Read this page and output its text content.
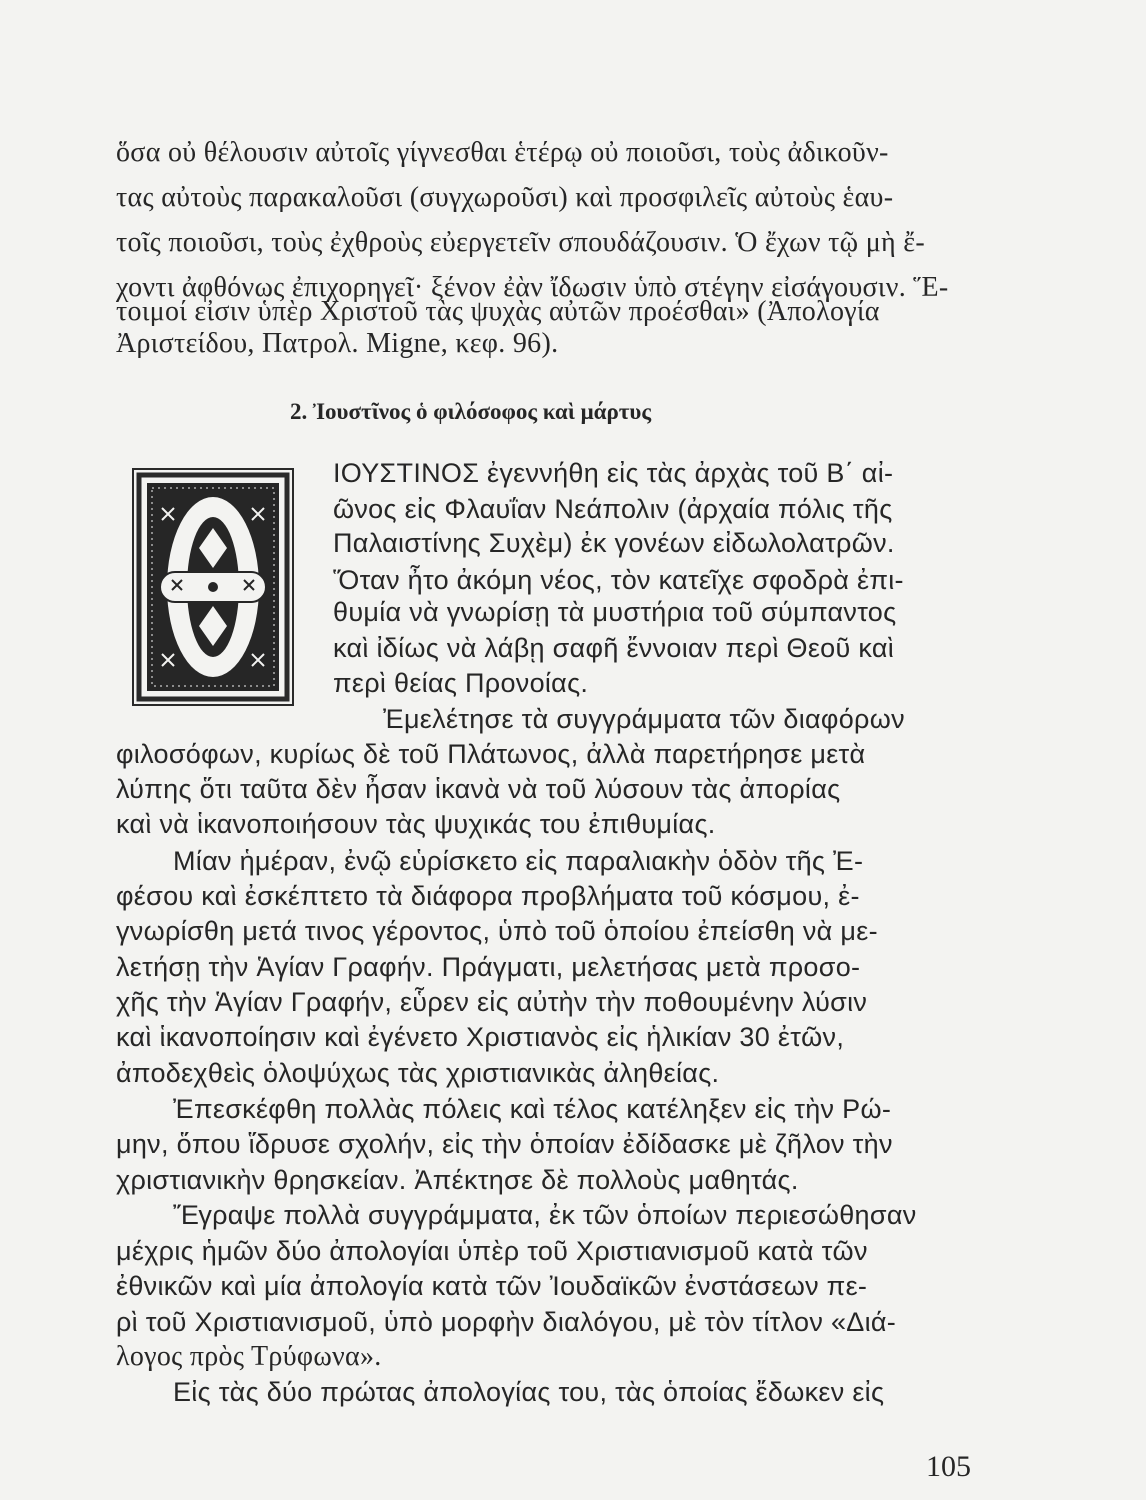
ὅσα οὐ θέλουσιν αὐτοῖς γίγνεσθαι ἑτέρῳ οὐ ποιοῦσι, τοὺς ἀδικοῦν-
τας αὐτοὺς παρακαλοῦσι (συγχωροῦσι) καὶ προσφιλεῖς αὐτοὺς ἑαυ-
τοῖς ποιοῦσι, τοὺς ἐχθροὺς εὐεργετεῖν σπουδάζουσιν. Ὁ ἔχων τῷ μὴ ἔ-
χοντι ἀφθόνως ἐπιχορηγεῖ· ξένον ἐὰν ἴδωσιν ὑπὸ στέγην εἰσάγουσιν. Ἕ-
τοιμοί εἰσιν ὑπὲρ Χριστοῦ τὰς ψυχὰς αὐτῶν προέσθαι» (Ἀπολογία
Ἀριστείδου, Πατρολ. Migne, κεφ. 96).
2. Ἰουστῖνος ὁ φιλόσοφος καὶ μάρτυς
ΙΟΥΣΤΙΝΟΣ ἐγεννήθη εἰς τὰς ἀρχὰς τοῦ Β΄ αἰ-
ῶνος εἰς Φλαυΐαν Νεάπολιν (ἀρχαία πόλις τῆς
Παλαιστίνης Συχὲμ) ἐκ γονέων εἰδωλολατρῶν.
Ὅταν ἦτο ἀκόμη νέος, τὸν κατεῖχε σφοδρὰ ἐπι-
θυμία νὰ γνωρίσῃ τὰ μυστήρια τοῦ σύμπαντος
καὶ ἰδίως νὰ λάβῃ σαφῆ ἔννοιαν περὶ Θεοῦ καὶ
περὶ θείας Προνοίας.
Ἐμελέτησε τὰ συγγράμματα τῶν διαφόρων
φιλοσόφων, κυρίως δὲ τοῦ Πλάτωνος, ἀλλὰ παρετήρησε μετὰ
λύπης ὅτι ταῦτα δὲν ἦσαν ἱκανὰ νὰ τοῦ λύσουν τὰς ἀπορίας
καὶ νὰ ἱκανοποιήσουν τὰς ψυχικάς του ἐπιθυμίας.
Μίαν ἡμέραν, ἐνῷ εὑρίσκετο εἰς παραλιακὴν ὁδὸν τῆς Ἐ-
φέσου καὶ ἐσκέπτετο τὰ διάφορα προβλήματα τοῦ κόσμου, ἐ-
γνωρίσθη μετά τινος γέροντος, ὑπὸ τοῦ ὁποίου ἐπείσθη νὰ με-
λετήσῃ τὴν Ἁγίαν Γραφήν. Πράγματι, μελετήσας μετὰ προσο-
χῆς τὴν Ἁγίαν Γραφήν, εὗρεν εἰς αὐτὴν τὴν ποθουμένην λύσιν
καὶ ἱκανοποίησιν καὶ ἐγένετο Χριστιανὸς εἰς ἡλικίαν 30 ἐτῶν,
ἀποδεχθεὶς ὁλοψύχως τὰς χριστιανικὰς ἀληθείας.
Ἐπεσκέφθη πολλὰς πόλεις καὶ τέλος κατέληξεν εἰς τὴν Ρώ-
μην, ὅπου ἵδρυσε σχολήν, εἰς τὴν ὁποίαν ἐδίδασκε μὲ ζῆλον τὴν
χριστιανικὴν θρησκείαν. Ἀπέκτησε δὲ πολλοὺς μαθητάς.
Ἔγραψε πολλὰ συγγράμματα, ἐκ τῶν ὁποίων περιεσώθησαν
μέχρις ἡμῶν δύο ἀπολογίαι ὑπὲρ τοῦ Χριστιανισμοῦ κατὰ τῶν
ἐθνικῶν καὶ μία ἀπολογία κατὰ τῶν Ἰουδαϊκῶν ἐνστάσεων πε-
ρὶ τοῦ Χριστιανισμοῦ, ὑπὸ μορφὴν διαλόγου, μὲ τὸν τίτλον «Διά-
λογος πρὸς Τρύφωνα».
Εἰς τὰς δύο πρώτας ἀπολογίας του, τὰς ὁποίας ἔδωκεν εἰς
105
